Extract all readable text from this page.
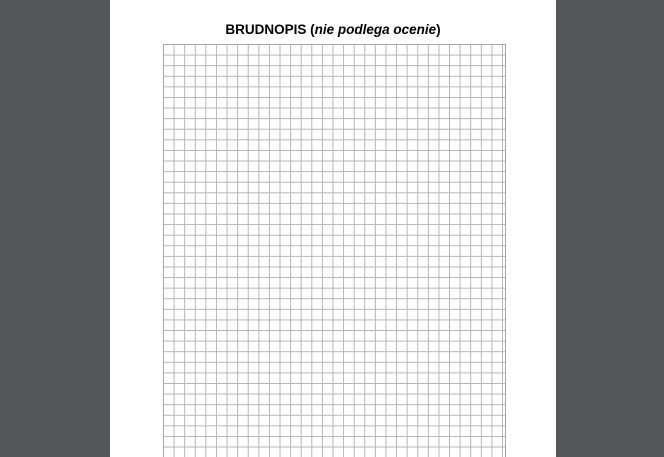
BRUDNOPIS (nie podlega ocenie)
